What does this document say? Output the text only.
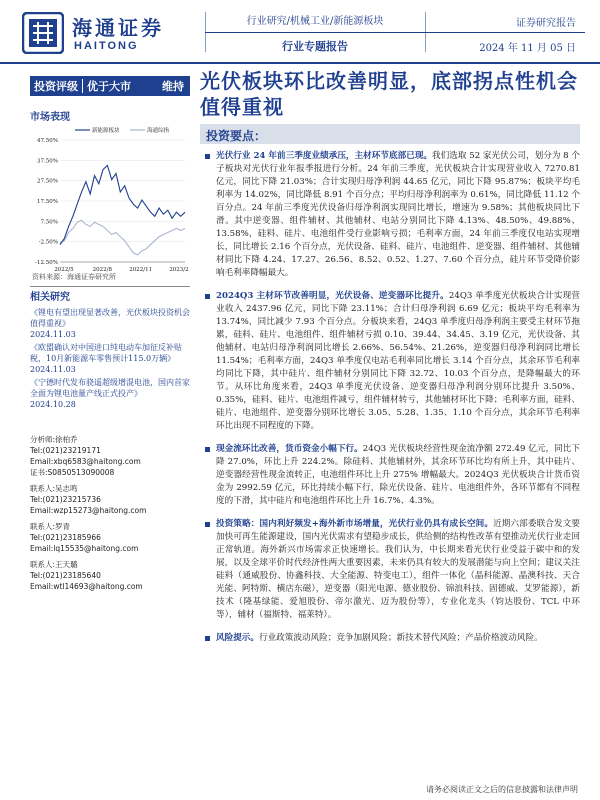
海通证券
HAITONG
行业研究/机械工业/新能源板块
行业专题报告
证券研究报告
2024 年 11 月 05 日
投资评级 优于大市	维持
市场表现
47.50%
37.50%
27.50%
17.50%
7.50%
-2.50%
-12.50%
2022/5	2022/8	2022/11	2023/2
新能源板块	海通综指
资料来源：海通证券研究所
相关研究
《锂电有望出现显著改善，光伏板块投资机会值得重视》
2024.11.03
《欧盟确认对中国进口纯电动车加征反补贴税，10月新能源车零售预计115.0万辆》
2024.11.03
《宁德时代发布骁遥超级增混电池，国内首家全面为锂电池量产线正式投产》
2024.10.28
分析师:徐柏乔
Tel:(021)23219171
Email:xbq6583@haitong.com
证书:S0850513090008
联系人:吴志鸣
Tel:(021)23215736
Email:wzp15273@haitong.com
联系人:罗青
Tel:(021)23185966
Email:lq15535@haitong.com
联系人:王天璐
Tel:(021)23185640
Email:wtl14693@haitong.com
光伏板块环比改善明显，底部拐点性机会值得重视
投资要点：
光伏行业 24 年前三季度业绩承压，主材环节底部已现。我们选取 52 家光伏公司，划分为 8 个子板块对光伏行业年报季报进行分析。24 年前三季度，光伏板块合计实现营业收入 7270.81 亿元，同比下降 21.03%；合计实现归母净利润 44.65 亿元，同比下降 95.87%；板块平均毛利率为 14.02%，同比降低 8.91 个百分点；平均归母净利润率为 0.61%，同比降低 11.12 个百分点。24 年前三季度光伏设备归母净利润实现同比增长，增速为 9.58%；其他板块同比下滑。其中逆变器、组件辅材、其他辅材、电站分别同比下降 4.13%、48.50%、49.88%、13.58%，硅料、硅片、电池组件受行业影响亏损；毛利率方面，24 年前三季度仅电站实现增长，同比增长 2.16 个百分点，光伏设备、硅料、硅片、电池组件、逆变器、组件辅材、其他辅材同比下降 4.24、17.27、26.56、8.52、0.52、1.27、7.60 个百分点，硅片环节受降价影响毛利率降幅最大。
2024Q3 主材环节改善明显，光伏设备、逆变器环比提升。24Q3 单季度光伏板块合计实现营业收入 2437.96 亿元，同比下降 23.11%；合计归母净利润 6.69 亿元；板块平均毛利率为 13.74%，同比减少 7.93 个百分点。分板块来看，24Q3 单季度归母净利润主要受主材环节拖累，硅料、硅片、电池组件、组件辅材亏损 0.10、39.44、34.45、3.19 亿元，光伏设备、其他辅材、电站归母净利润同比增长 2.66%、56.54%、21.26%，逆变器归母净利润同比增长 11.54%；毛利率方面，24Q3 单季度仅电站毛利率同比增长 3.14 个百分点，其余环节毛利率均同比下降，其中硅片、组件辅材分别同比下降 32.72、10.03 个百分点，是降幅最大的环节。从环比角度来看，24Q3 单季度光伏设备、逆变器归母净利润分别环比提升 3.50%、0.35%，硅料、硅片、电池组件减亏，组件辅材转亏，其他辅材环比下降；毛利率方面，硅料、硅片、电池组件、逆变器分别环比增长 3.05、5.28、1.35、1.10 个百分点，其余环节毛利率环比出现不同程度的下降。
现金流环比改善，货币资金小幅下行。24Q3 光伏板块经营性现金流净额 272.49 亿元，同比下降 27.0%，环比上升 224.2%。除硅料、其他辅材外，其余环节环比均有所上升，其中硅片、逆变器经营性现金流转正，电池组件环比上升 275% 增幅最大。2024Q3 光伏板块合计货币资金为 2992.59 亿元，环比持续小幅下行，除光伏设备、硅片、电池组件外，各环节都有不同程度的下滑，其中硅片和电池组件环比上升 16.7%、4.3%。
投资策略：国内利好频发+海外新市场增量，光伏行业仍具有成长空间。近期六部委联合发文要加快可再生能源建设，国内光伏需求有望稳步成长，供给侧的结构性改革有望推动光伏行业走回正常轨道。海外新兴市场需求正快速增长。我们认为，中长期来看光伏行业受益于碳中和的发展，以及全球平价时代经济性两大重要因素，未来仍具有较大的发展潜能与向上空间；建议关注硅料（通威股份、协鑫科技、大全能源、特变电工），组件一体化（晶科能源、晶澳科技、天合光能、阿特斯、横店东磁），逆变器（阳光电源、德业股份、锦浪科技、固德威、艾罗能源），新技术（隆基绿能、爱旭股份、帝尔激光、迈为股份等），专业化龙头（钧达股份、TCL 中环等），辅材（福斯特、福莱特）。
风险提示。行业政策波动风险；竞争加剧风险；新技术替代风险；产品价格波动风险。
请务必阅读正文之后的信息披露和法律声明
